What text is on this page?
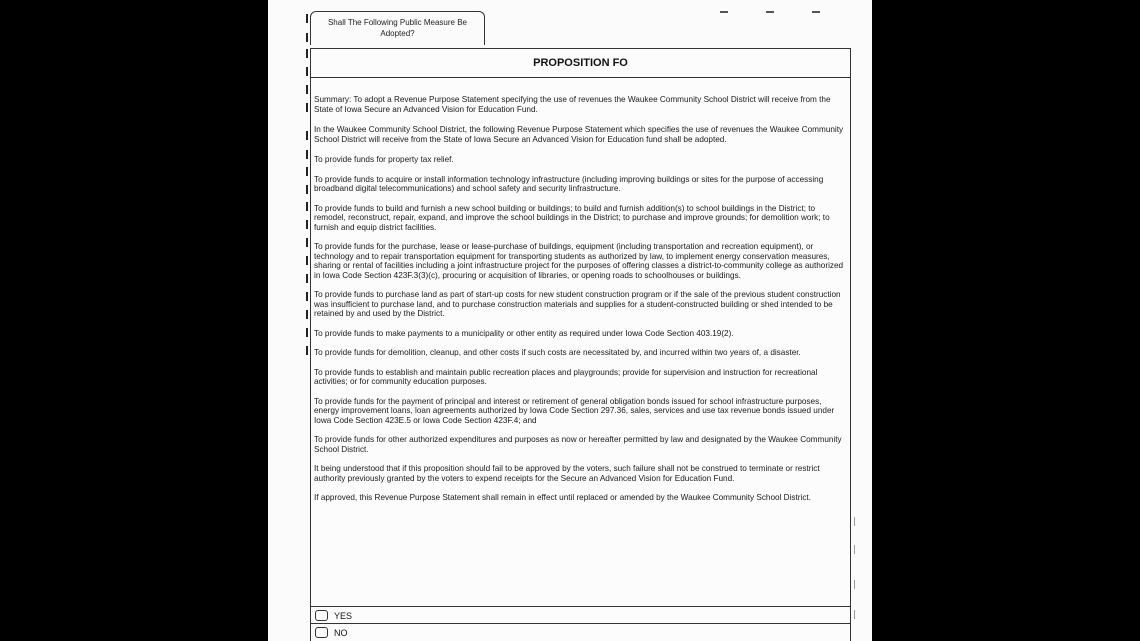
Shall The Following Public Measure Be Adopted?
PROPOSITION FO

Summary: To adopt a Revenue Purpose Statement specifying the use of revenues the Waukee Community School District will receive from the State of Iowa Secure an Advanced Vision for Education Fund.

In the Waukee Community School District, the following Revenue Purpose Statement which specifies the use of revenues the Waukee Community School District will receive from the State of Iowa Secure an Advanced Vision for Education fund shall be adopted.

To provide funds for property tax relief.

To provide funds to acquire or install information technology infrastructure (including improving buildings or sites for the purpose of accessing broadband digital telecommunications) and school safety and security linfrastructure.

To provide funds to build and furnish a new school building or buildings; to build and furnish addition(s) to school buildings in the District; to remodel, reconstruct, repair, expand, and improve the school buildings in the District; to purchase and improve grounds; for demolition work; to furnish and equip district facilities.

To provide funds for the purchase, lease or lease-purchase of buildings, equipment (including transportation and recreation equipment), or technology and to repair transportation equipment for transporting students as authorized by law, to implement energy conservation measures, sharing or rental of facilities including a joint infrastructure project for the purposes of offering classes a district-to-community college as authorized in Iowa Code Section 423F.3(3)(c), procuring or acquisition of libraries, or opening roads to schoolhouses or buildings.

To provide funds to purchase land as part of start-up costs for new student construction program or if the sale of the previous student construction was insufficient to purchase land, and to purchase construction materials and supplies for a student-constructed building or shed intended to be retained by and used by the District.

To provide funds to make payments to a municipality or other entity as required under Iowa Code Section 403.19(2).

To provide funds for demolition, cleanup, and other costs if such costs are necessitated by, and incurred within two years of, a disaster.

To provide funds to establish and maintain public recreation places and playgrounds; provide for supervision and instruction for recreational activities; or for community education purposes.

To provide funds for the payment of principal and interest or retirement of general obligation bonds issued for school infrastructure purposes, energy improvement loans, loan agreements authorized by Iowa Code Section 297.36, sales, services and use tax revenue bonds issued under Iowa Code Section 423E.5 or Iowa Code Section 423F.4; and

To provide funds for other authorized expenditures and purposes as now or hereafter permitted by law and designated by the Waukee Community School District.

It being understood that if this proposition should fail to be approved by the voters, such failure shall not be construed to terminate or restrict authority previously granted by the voters to expend receipts for the Secure an Advanced Vision for Education Fund.

If approved, this Revenue Purpose Statement shall remain in effect until replaced or amended by the Waukee Community School District.

YES
NO
